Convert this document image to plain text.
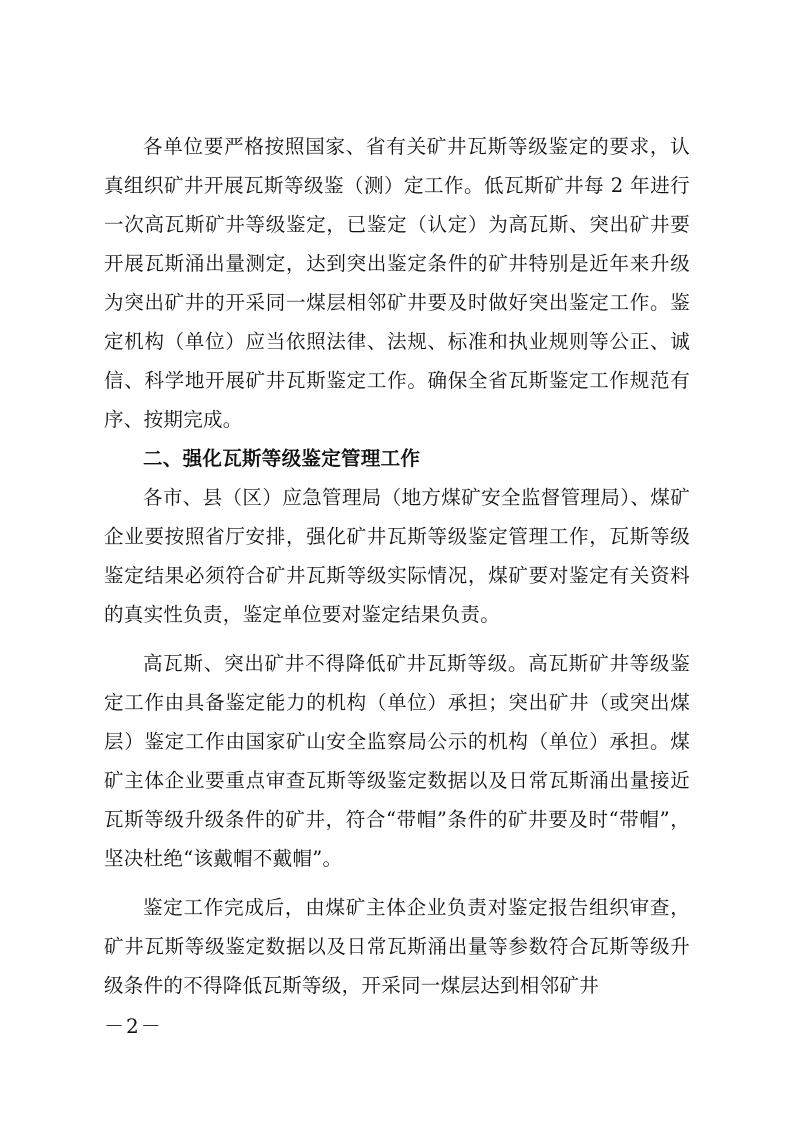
各单位要严格按照国家、省有关矿井瓦斯等级鉴定的要求，认真组织矿井开展瓦斯等级鉴（测）定工作。低瓦斯矿井每 2 年进行一次高瓦斯矿井等级鉴定，已鉴定（认定）为高瓦斯、突出矿井要开展瓦斯涌出量测定，达到突出鉴定条件的矿井特别是近年来升级为突出矿井的开采同一煤层相邻矿井要及时做好突出鉴定工作。鉴定机构（单位）应当依照法律、法规、标准和执业规则等公正、诚信、科学地开展矿井瓦斯鉴定工作。确保全省瓦斯鉴定工作规范有序、按期完成。

二、强化瓦斯等级鉴定管理工作

各市、县（区）应急管理局（地方煤矿安全监督管理局）、煤矿企业要按照省厅安排，强化矿井瓦斯等级鉴定管理工作，瓦斯等级鉴定结果必须符合矿井瓦斯等级实际情况，煤矿要对鉴定有关资料的真实性负责，鉴定单位要对鉴定结果负责。

高瓦斯、突出矿井不得降低矿井瓦斯等级。高瓦斯矿井等级鉴定工作由具备鉴定能力的机构（单位）承担；突出矿井（或突出煤层）鉴定工作由国家矿山安全监察局公示的机构（单位）承担。煤矿主体企业要重点审查瓦斯等级鉴定数据以及日常瓦斯涌出量接近瓦斯等级升级条件的矿井，符合“带帽”条件的矿井要及时“带帽”，坚决杜绝“该戴帽不戴帽”。

鉴定工作完成后，由煤矿主体企业负责对鉴定报告组织审查，矿井瓦斯等级鉴定数据以及日常瓦斯涌出量等参数符合瓦斯等级升级条件的不得降低瓦斯等级，开采同一煤层达到相邻矿井

－2－
